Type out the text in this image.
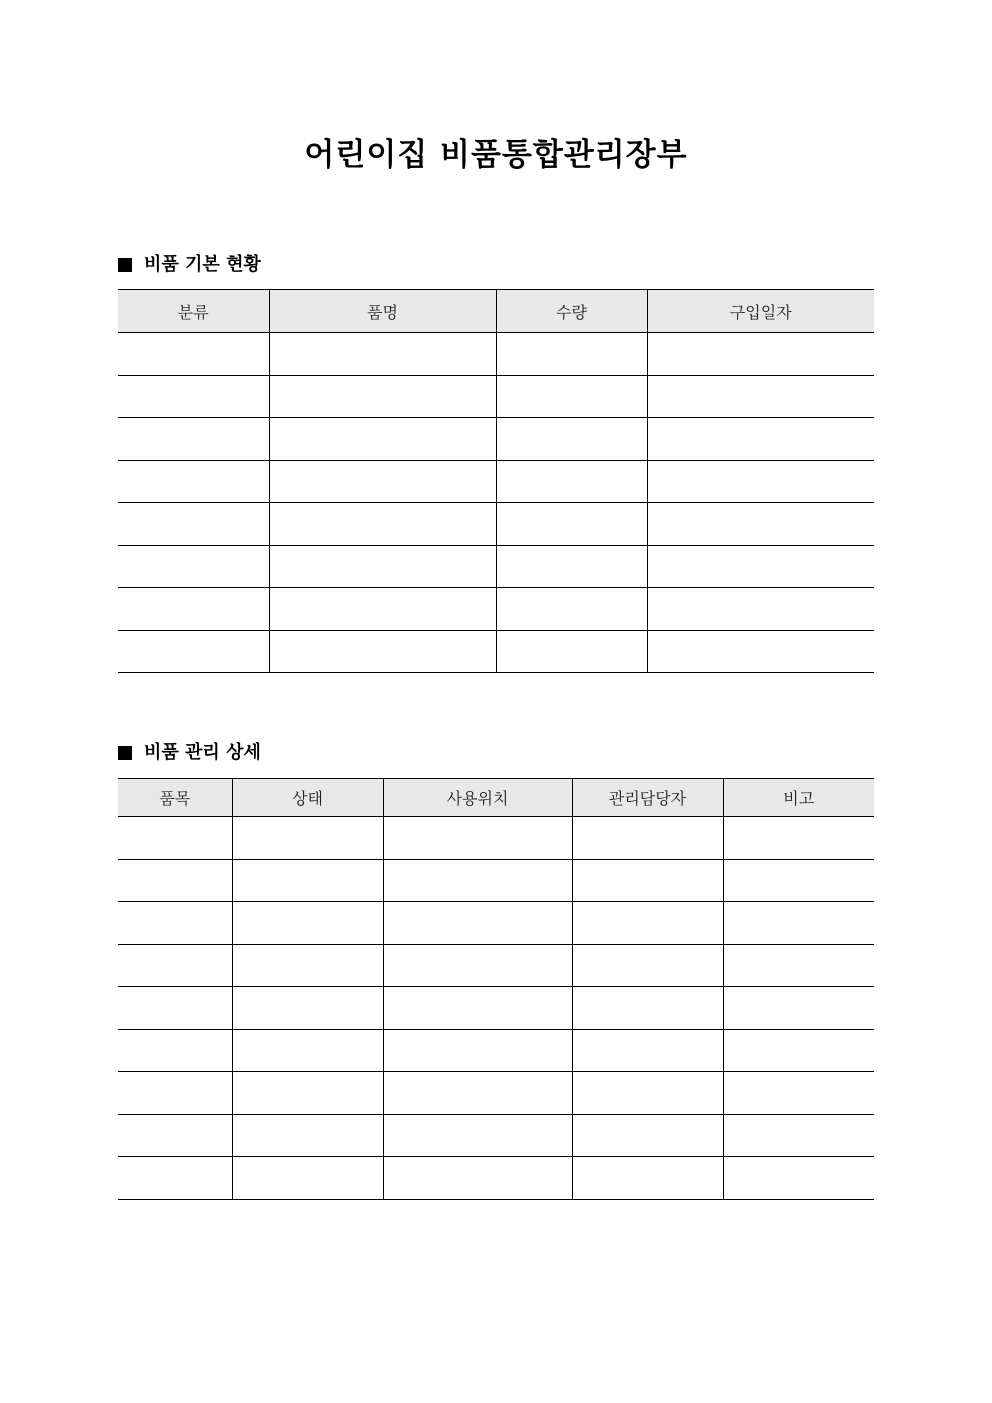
어린이집 비품통합관리장부
비품 기본 현황
분류	품명	수량	구입일자

비품 관리 상세
품목	상태	사용위치	관리담당자	비고
